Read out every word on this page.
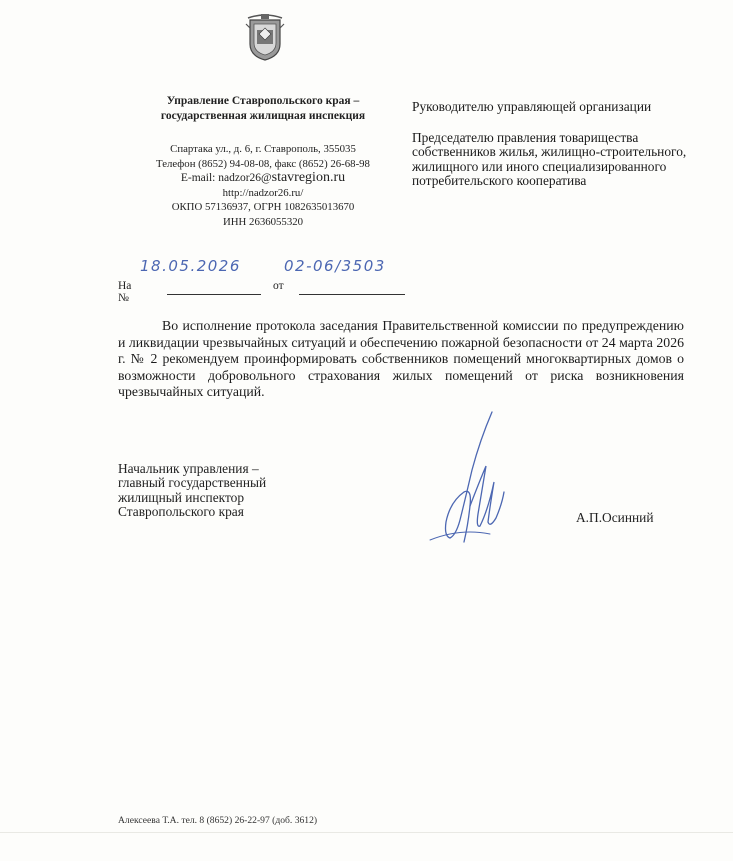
Управление Ставропольского края –
государственная жилищная инспекция
Спартака ул., д. 6, г. Ставрополь, 355035
Телефон (8652) 94-08-08, факс (8652) 26-68-98
E-mail: nadzor26@stavregion.ru
http://nadzor26.ru/
ОКПО 57136937, ОГРН 1082635013670
ИНН 2636055320
Руководителю управляющей организации
Председателю правления товарищества собственников жилья, жилищно-строительного, жилищного или иного специализированного потребительского кооператива
18.05.2026	02-06/3503
На №
от
Во исполнение протокола заседания Правительственной комиссии по предупреждению и ликвидации чрезвычайных ситуаций и обеспечению пожарной безопасности от 24 марта 2026 г. № 2 рекомендуем проинформировать собственников помещений многоквартирных домов о возможности добровольного страхования жилых помещений от риска возникновения чрезвычайных ситуаций.
Начальник управления –
главный государственный
жилищный инспектор
Ставропольского края	А.П.Осинний
Алексеева Т.А. тел. 8 (8652) 26-22-97 (доб. 3612)
